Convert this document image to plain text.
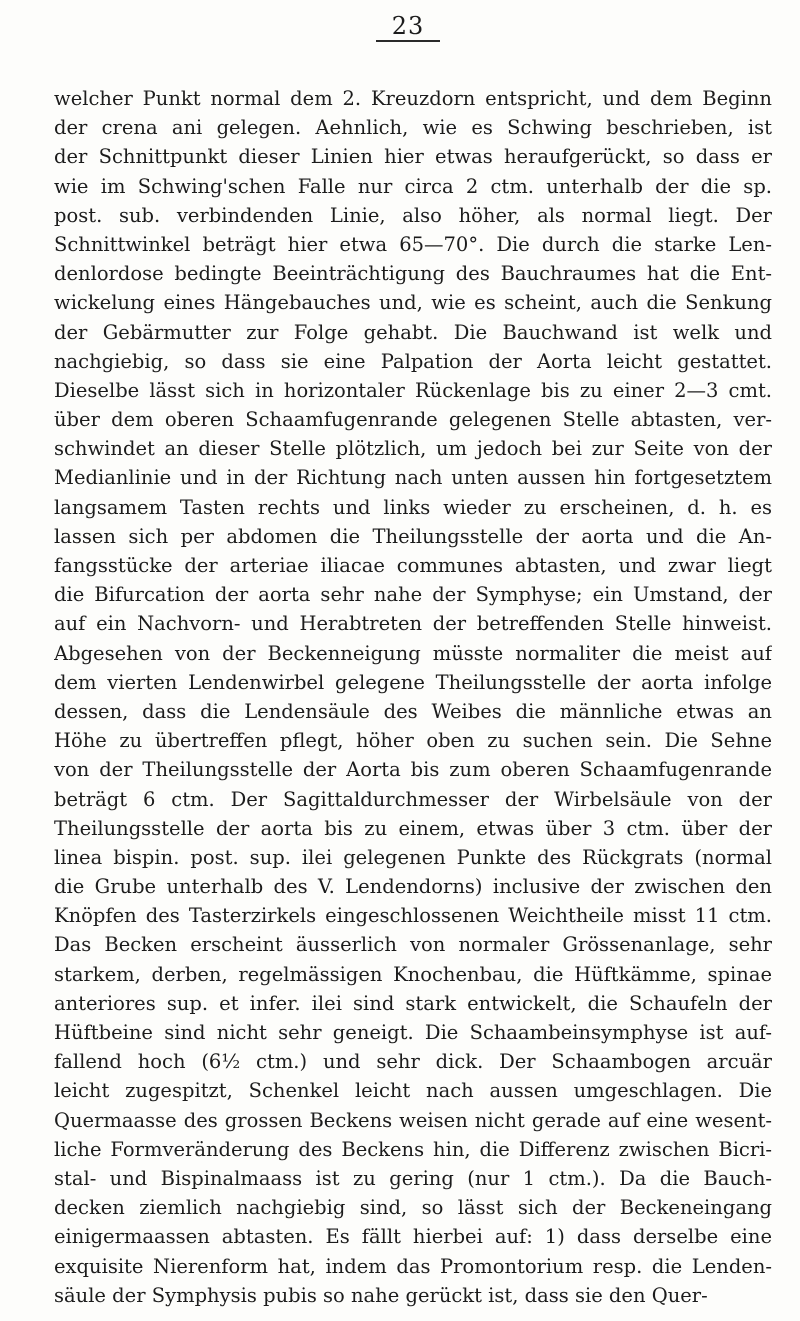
23
welcher Punkt normal dem 2. Kreuzdorn entspricht, und dem Beginn
der crena ani gelegen. Aehnlich, wie es Schwing beschrieben, ist
der Schnittpunkt dieser Linien hier etwas heraufgerückt, so dass er
wie im Schwing'schen Falle nur circa 2 ctm. unterhalb der die sp.
post. sub. verbindenden Linie, also höher, als normal liegt. Der
Schnittwinkel beträgt hier etwa 65—70°. Die durch die starke Len-
denlordose bedingte Beeinträchtigung des Bauchraumes hat die Ent-
wickelung eines Hängebauches und, wie es scheint, auch die Senkung
der Gebärmutter zur Folge gehabt. Die Bauchwand ist welk und
nachgiebig, so dass sie eine Palpation der Aorta leicht gestattet.
Dieselbe lässt sich in horizontaler Rückenlage bis zu einer 2—3 cmt.
über dem oberen Schaamfugenrande gelegenen Stelle abtasten, ver-
schwindet an dieser Stelle plötzlich, um jedoch bei zur Seite von der
Medianlinie und in der Richtung nach unten aussen hin fortgesetztem
langsamem Tasten rechts und links wieder zu erscheinen, d. h. es
lassen sich per abdomen die Theilungsstelle der aorta und die An-
fangsstücke der arteriae iliacae communes abtasten, und zwar liegt
die Bifurcation der aorta sehr nahe der Symphyse; ein Umstand, der
auf ein Nachvorn- und Herabtreten der betreffenden Stelle hinweist.
Abgesehen von der Beckenneigung müsste normaliter die meist auf
dem vierten Lendenwirbel gelegene Theilungsstelle der aorta infolge
dessen, dass die Lendensäule des Weibes die männliche etwas an
Höhe zu übertreffen pflegt, höher oben zu suchen sein. Die Sehne
von der Theilungsstelle der Aorta bis zum oberen Schaamfugenrande
beträgt 6 ctm. Der Sagittaldurchmesser der Wirbelsäule von der
Theilungsstelle der aorta bis zu einem, etwas über 3 ctm. über der
linea bispin. post. sup. ilei gelegenen Punkte des Rückgrats (normal
die Grube unterhalb des V. Lendendorns) inclusive der zwischen den
Knöpfen des Tasterzirkels eingeschlossenen Weichtheile misst 11 ctm.
Das Becken erscheint äusserlich von normaler Grössenanlage, sehr
starkem, derben, regelmässigen Knochenbau, die Hüftkämme, spinae
anteriores sup. et infer. ilei sind stark entwickelt, die Schaufeln der
Hüftbeine sind nicht sehr geneigt. Die Schaambeinsymphyse ist auf-
fallend hoch (6½ ctm.) und sehr dick. Der Schaambogen arcuär
leicht zugespitzt, Schenkel leicht nach aussen umgeschlagen. Die
Quermaasse des grossen Beckens weisen nicht gerade auf eine wesent-
liche Formveränderung des Beckens hin, die Differenz zwischen Bicri-
stal- und Bispinalmaass ist zu gering (nur 1 ctm.). Da die Bauch-
decken ziemlich nachgiebig sind, so lässt sich der Beckeneingang
einigermaassen abtasten. Es fällt hierbei auf: 1) dass derselbe eine
exquisite Nierenform hat, indem das Promontorium resp. die Lenden-
säule der Symphysis pubis so nahe gerückt ist, dass sie den Quer-
